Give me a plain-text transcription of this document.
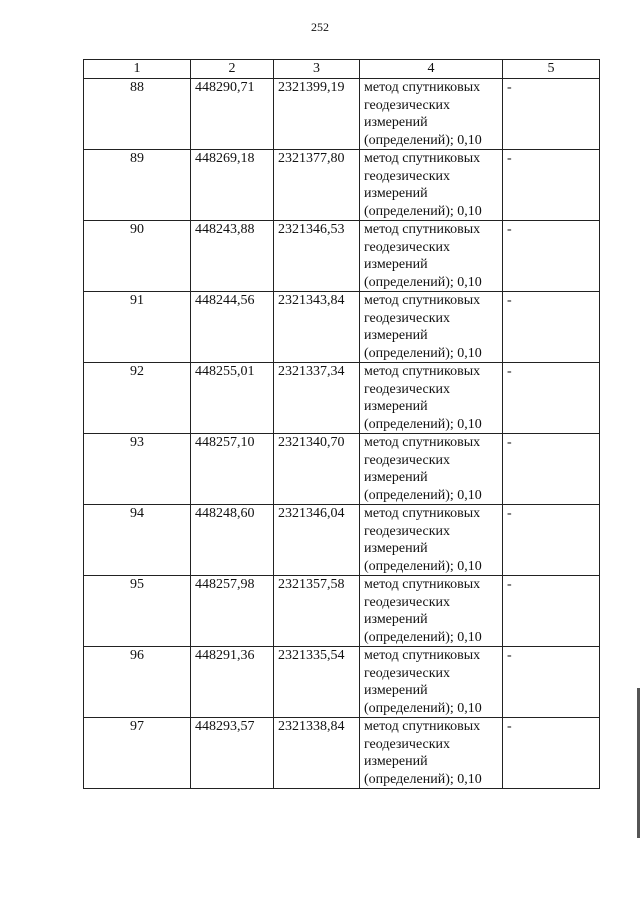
252
1	2	3	4	5
88	448290,71	2321399,19	метод спутниковых геодезических измерений (определений); 0,10	-
89	448269,18	2321377,80	метод спутниковых геодезических измерений (определений); 0,10	-
90	448243,88	2321346,53	метод спутниковых геодезических измерений (определений); 0,10	-
91	448244,56	2321343,84	метод спутниковых геодезических измерений (определений); 0,10	-
92	448255,01	2321337,34	метод спутниковых геодезических измерений (определений); 0,10	-
93	448257,10	2321340,70	метод спутниковых геодезических измерений (определений); 0,10	-
94	448248,60	2321346,04	метод спутниковых геодезических измерений (определений); 0,10	-
95	448257,98	2321357,58	метод спутниковых геодезических измерений (определений); 0,10	-
96	448291,36	2321335,54	метод спутниковых геодезических измерений (определений); 0,10	-
97	448293,57	2321338,84	метод спутниковых геодезических измерений (определений); 0,10	-
